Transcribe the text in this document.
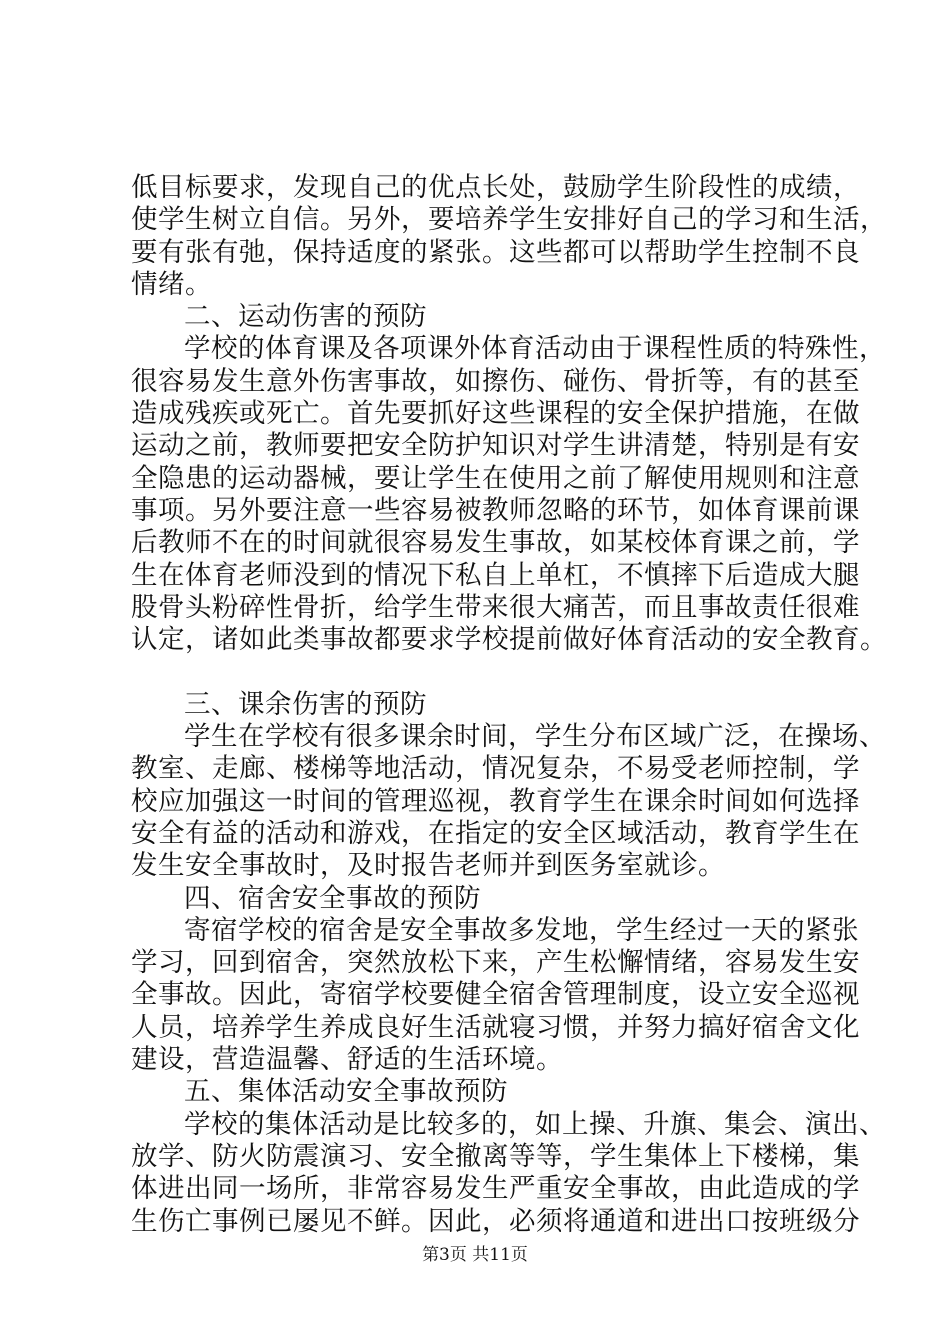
低目标要求，发现自己的优点长处，鼓励学生阶段性的成绩，
使学生树立自信。另外，要培养学生安排好自己的学习和生活，
要有张有弛，保持适度的紧张。这些都可以帮助学生控制不良
情绪。
二、运动伤害的预防
学校的体育课及各项课外体育活动由于课程性质的特殊性，
很容易发生意外伤害事故，如擦伤、碰伤、骨折等，有的甚至
造成残疾或死亡。首先要抓好这些课程的安全保护措施，在做
运动之前，教师要把安全防护知识对学生讲清楚，特别是有安
全隐患的运动器械，要让学生在使用之前了解使用规则和注意
事项。另外要注意一些容易被教师忽略的环节，如体育课前课
后教师不在的时间就很容易发生事故，如某校体育课之前，学
生在体育老师没到的情况下私自上单杠，不慎摔下后造成大腿
股骨头粉碎性骨折，给学生带来很大痛苦，而且事故责任很难
认定，诸如此类事故都要求学校提前做好体育活动的安全教育。
三、课余伤害的预防
学生在学校有很多课余时间，学生分布区域广泛，在操场、
教室、走廊、楼梯等地活动，情况复杂，不易受老师控制，学
校应加强这一时间的管理巡视，教育学生在课余时间如何选择
安全有益的活动和游戏，在指定的安全区域活动，教育学生在
发生安全事故时，及时报告老师并到医务室就诊。
四、宿舍安全事故的预防
寄宿学校的宿舍是安全事故多发地，学生经过一天的紧张
学习，回到宿舍，突然放松下来，产生松懈情绪，容易发生安
全事故。因此，寄宿学校要健全宿舍管理制度，设立安全巡视
人员，培养学生养成良好生活就寝习惯，并努力搞好宿舍文化
建设，营造温馨、舒适的生活环境。
五、集体活动安全事故预防
学校的集体活动是比较多的，如上操、升旗、集会、演出、
放学、防火防震演习、安全撤离等等，学生集体上下楼梯，集
体进出同一场所，非常容易发生严重安全事故，由此造成的学
生伤亡事例已屡见不鲜。因此，必须将通道和进出口按班级分
第3页 共11页
